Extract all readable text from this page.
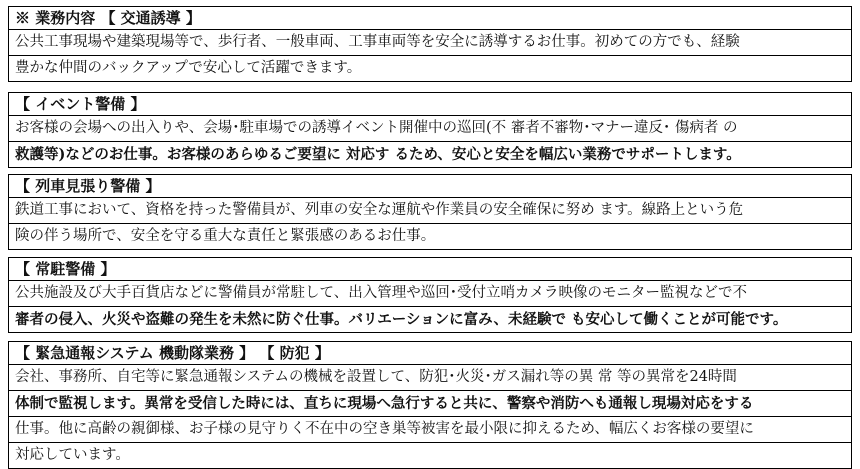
※ 業務内容 【 交通誘導 】
公共工事現場や建築現場等で、歩行者、一般車両、工事車両等を安全に誘導するお仕事。初めての方でも、経験
豊かな仲間のバックアップで安心して活躍できます。
【 イベント警備 】
お客様の会場への出入りや、会場･駐車場での誘導イベント開催中の巡回(不 審者不審物･マナー違反･ 傷病者 の
救護等)などのお仕事。お客様のあらゆるご要望に 対応す るため、安心と安全を幅広い業務でサポートします。
【 列車見張り警備 】
鉄道工事において、資格を持った警備員が、列車の安全な運航や作業員の安全確保に努め ます。線路上という危
険の伴う場所で、安全を守る重大な責任と緊張感のあるお仕事。
【 常駐警備 】
公共施設及び大手百貨店などに警備員が常駐して、出入管理や巡回･受付立哨カメラ映像のモニター監視などで不
審者の侵入、火災や盗難の発生を未然に防ぐ仕事。バリエーションに富み、未経験で も安心して働くことが可能です。
【 緊急通報システム 機動隊業務 】 【 防犯 】
会社、事務所、自宅等に緊急通報システムの機械を設置して、防犯･火災･ガス漏れ等の異 常 等の異常を24時間
体制で監視します。異常を受信した時には、直ちに現場へ急行すると共に、警察や消防へも通報し現場対応をする
仕事。他に高齢の親御様、お子様の見守りく不在中の空き巣等被害を最小限に抑えるため、幅広くお客様の要望に
対応しています。
